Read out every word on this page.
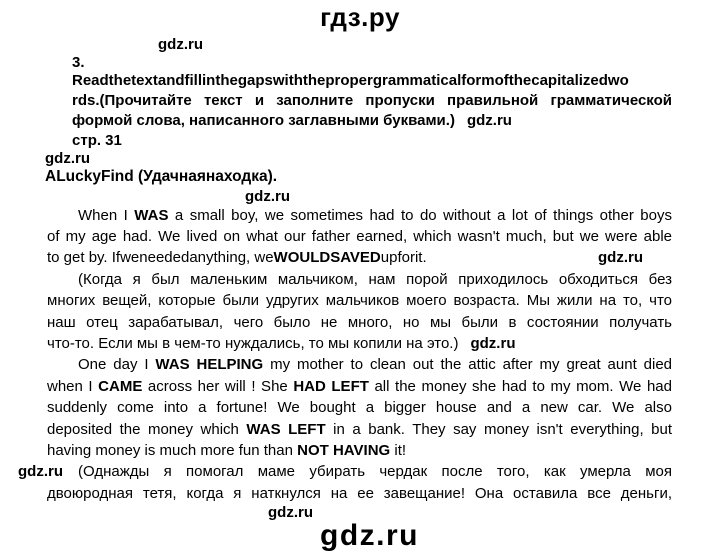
гдз.ру
gdz.ru
3.
Readthetextandfillinthegapswiththepropergrammaticalformofthecapitalizedwo
rds.(Прочитайте текст и заполните пропуски правильной грамматической
формой слова, написанного заглавными буквами.) gdz.ru
стр. 31
gdz.ru
ALuckyFind (Удачнаянаходка).
gdz.ru
When I WAS a small boy, we sometimes had to do without a lot of things other boys
of my age had. We lived on what our father earned, which wasn't much, but we were able
to get by. Ifweneededanything, weWOULDSAVEDupforit.	gdz.ru
(Когда я был маленьким мальчиком, нам порой приходилось обходиться без
многих вещей, которые были удругих мальчиков моего возраста. Мы жили на то, что
наш отец зарабатывал, чего было не много, но мы были в состоянии получать
что-то. Если мы в чем-то нуждались, то мы копили на это.) gdz.ru
One day I WAS HELPING my mother to clean out the attic after my great aunt died
when I CAME across her will ! She HAD LEFT all the money she had to my mom. We had
suddenly come into a fortune! We bought a bigger house and a new car. We also
deposited the money which WAS LEFT in a bank. They say money isn't everything, but
having money is much more fun than NOT HAVING it!
gdz.ru (Однажды я помогал маме убирать чердак после того, как умерла моя
двоюродная тетя, когда я наткнулся на ее завещание! Она оставила все деньги,
gdz.ru
gdz.ru
